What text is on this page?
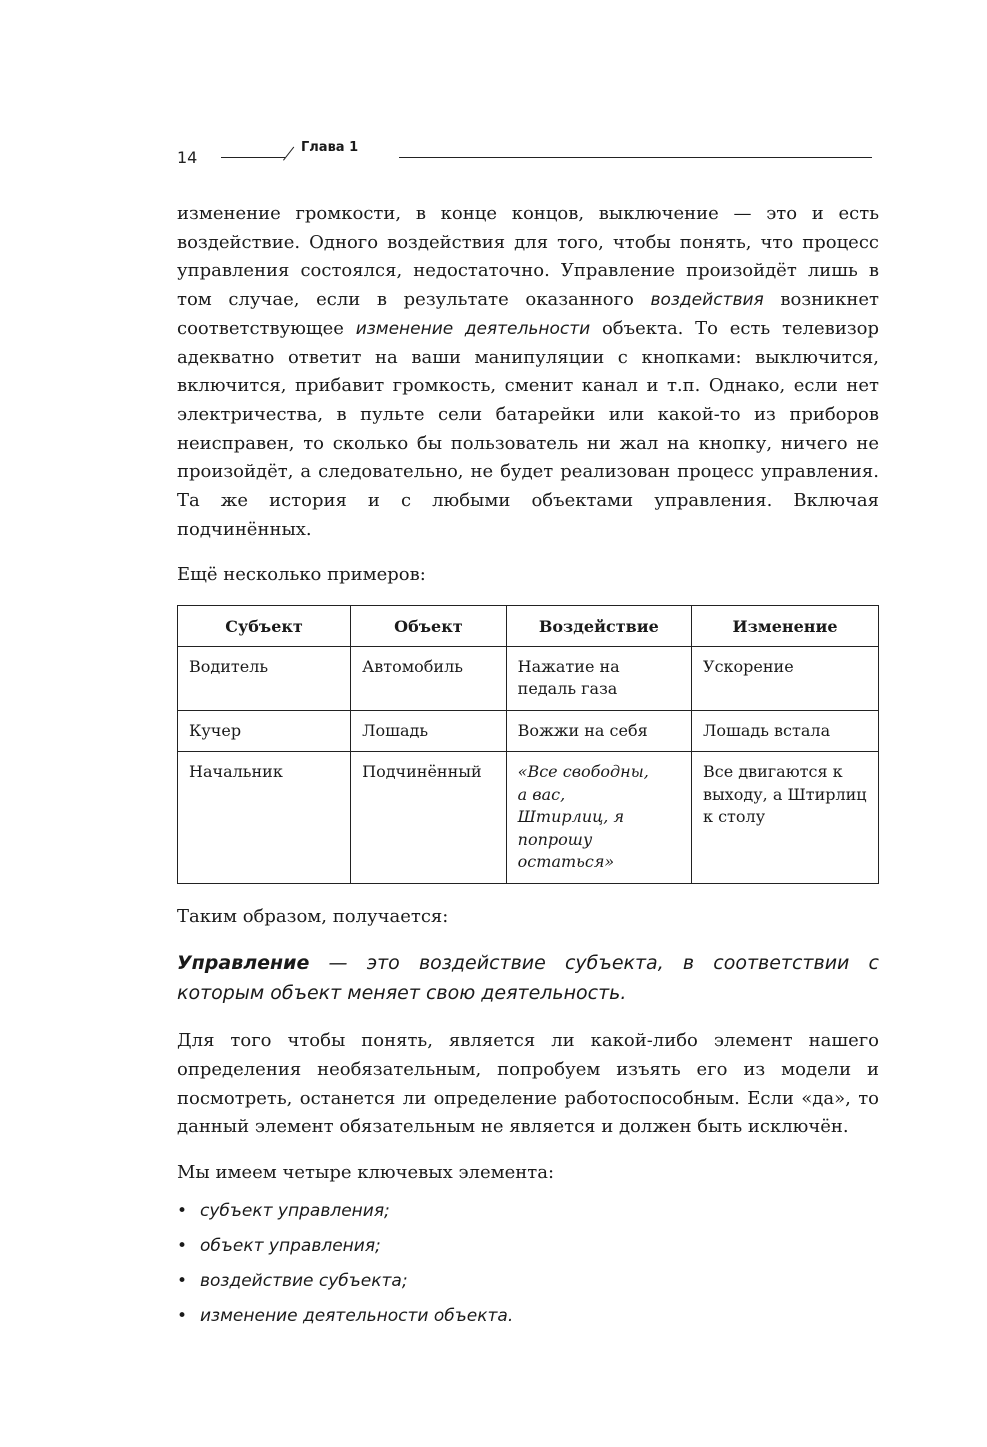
14
Глава 1

изменение громкости, в конце концов, выключение — это и есть воздействие. Одного воздействия для того, чтобы понять, что процесс управления состоялся, недостаточно. Управление произойдёт лишь в том случае, если в результате оказанного воздействия возникнет соответствующее изменение деятельности объекта. То есть телевизор адекватно ответит на ваши манипуляции с кнопками: выключится, включится, прибавит громкость, сменит канал и т.п. Однако, если нет электричества, в пульте сели батарейки или какой-то из приборов неисправен, то сколько бы пользователь ни жал на кнопку, ничего не произойдёт, а следовательно, не будет реализован процесс управления. Та же история и с любыми объектами управления. Включая подчинённых.

Ещё несколько примеров:

Субъект	Объект	Воздействие	Изменение
Водитель	Автомобиль	Нажатие на педаль газа	Ускорение
Кучер	Лошадь	Вожжи на себя	Лошадь встала
Начальник	Подчинённый	«Все свободны, а вас, Штирлиц, я попрошу остаться»	Все двигаются к выходу, а Штирлиц к столу

Таким образом, получается:

Управление — это воздействие субъекта, в соответствии с которым объект меняет свою деятельность.

Для того чтобы понять, является ли какой-либо элемент нашего определения необязательным, попробуем изъять его из модели и посмотреть, останется ли определение работоспособным. Если «да», то данный элемент обязательным не является и должен быть исключён.

Мы имеем четыре ключевых элемента:

• субъект управления;
• объект управления;
• воздействие субъекта;
• изменение деятельности объекта.
